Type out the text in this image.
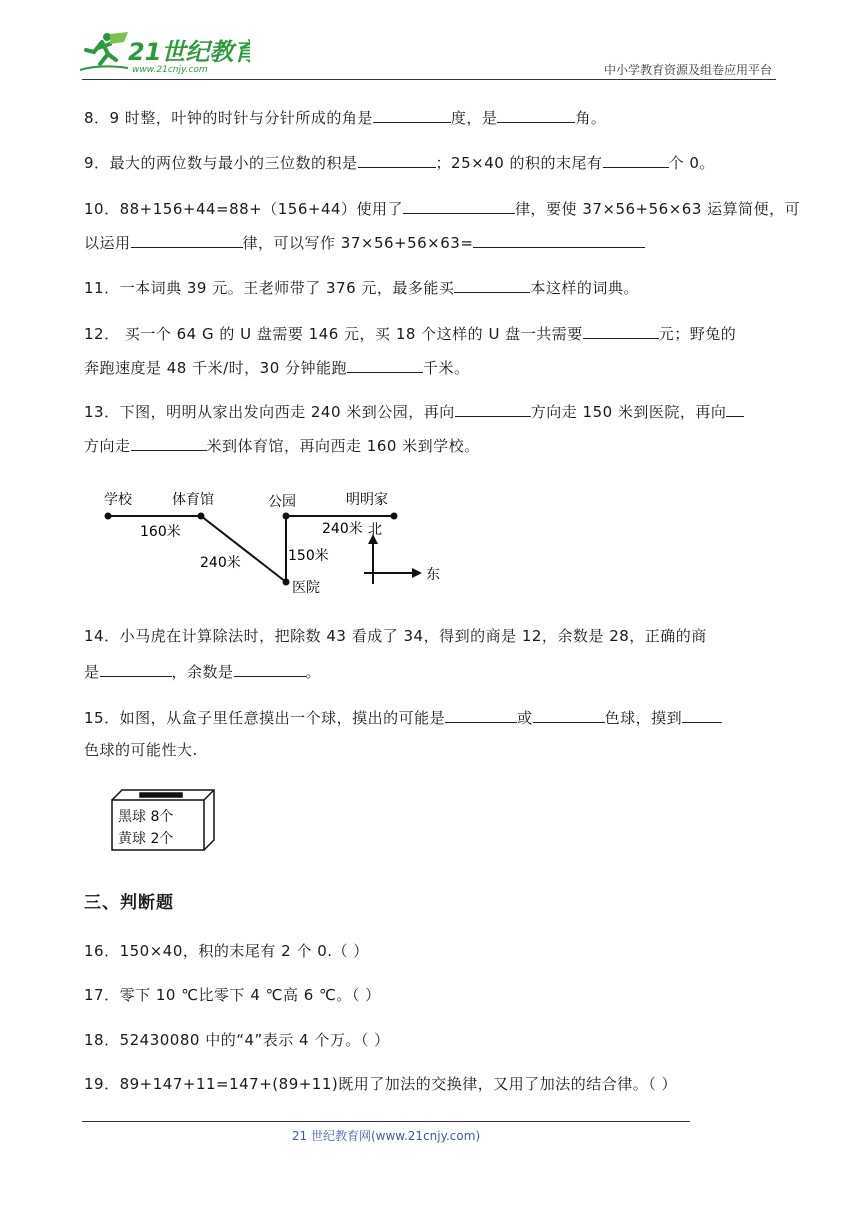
21世纪教育
www.21cnjy.com	中小学教育资源及组卷应用平台
8．9 时整，叶钟的时针与分针所成的角是	度，是	角。
9．最大的两位数与最小的三位数的积是	；25×40 的积的末尾有	个 0。
10．88+156+44=88+（156+44）使用了	律，要使 37×56+56×63 运算简便，可
以运用	律，可以写作 37×56+56×63=
11．一本词典 39 元。王老师带了 376 元，最多能买	本这样的词典。
12． 买一个 64 G 的 U 盘需要 146 元，买 18 个这样的 U 盘一共需要	元；野兔的
奔跑速度是 48 千米/时，30 分钟能跑	千米。
13．下图，明明从家出发向西走 240 米到公园，再向	方向走 150 米到医院，再向
方向走	米到体育馆，再向西走 160 米到学校。
学校	体育馆	公园	明明家
医院
160米
240米	150米
240米 北
东
14．小马虎在计算除法时，把除数 43 看成了 34，得到的商是 12，余数是 28，正确的商
是	，余数是	。
15．如图，从盒子里任意摸出一个球，摸出的可能是	或	色球，摸到
色球的可能性大.
黑球 8个
黄球 2个
三、判断题
16．150×40，积的末尾有 2 个 0.（ ）
17．零下 10 ℃比零下 4 ℃高 6 ℃。（ ）
18．52430080 中的“4”表示 4 个万。（ ）
19．89+147+11=147+(89+11)既用了加法的交换律，又用了加法的结合律。（ ）
21 世纪教育网(www.21cnjy.com)
